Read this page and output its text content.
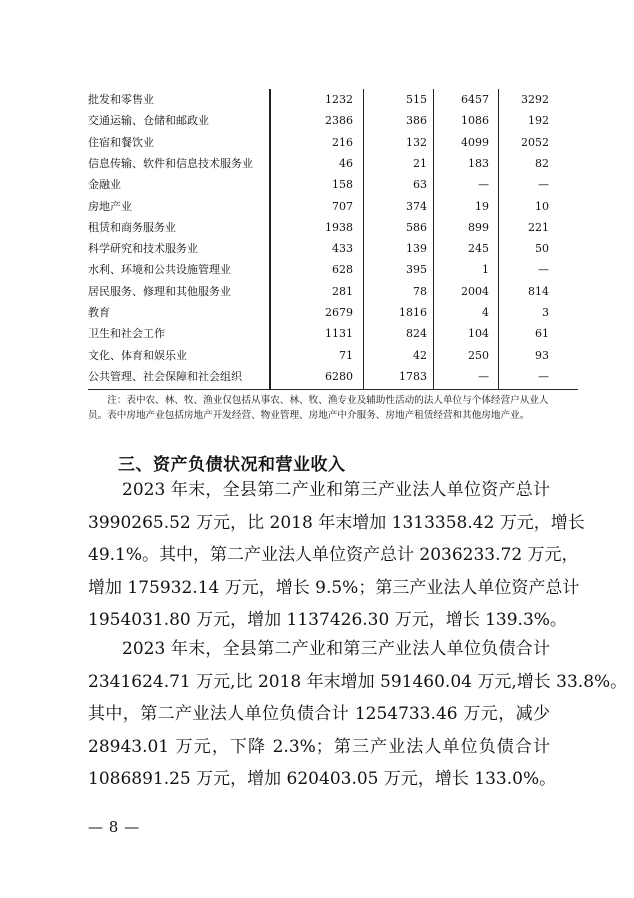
批发和零售业	1232	515	6457	3292
交通运输、仓储和邮政业	2386	386	1086	192
住宿和餐饮业	216	132	4099	2052
信息传输、软件和信息技术服务业	46	21	183	82
金融业	158	63	—	—
房地产业	707	374	19	10
租赁和商务服务业	1938	586	899	221
科学研究和技术服务业	433	139	245	50
水利、环境和公共设施管理业	628	395	1	—
居民服务、修理和其他服务业	281	78	2004	814
教育	2679	1816	4	3
卫生和社会工作	1131	824	104	61
文化、体育和娱乐业	71	42	250	93
公共管理、社会保障和社会组织	6280	1783	—	—
注：表中农、林、牧、渔业仅包括从事农、林、牧、渔专业及辅助性活动的法人单位与个体经营户从业人员。表中房地产业包括房地产开发经营、物业管理、房地产中介服务、房地产租赁经营和其他房地产业。
三、资产负债状况和营业收入
2023 年末，全县第二产业和第三产业法人单位资产总计
3990265.52 万元，比 2018 年末增加 1313358.42 万元，增长
49.1%。其中，第二产业法人单位资产总计 2036233.72 万元，
增加 175932.14 万元，增长 9.5%；第三产业法人单位资产总计
1954031.80 万元，增加 1137426.30 万元，增长 139.3%。
2023 年末，全县第二产业和第三产业法人单位负债合计
2341624.71 万元,比 2018 年末增加 591460.04 万元,增长 33.8%。
其中，第二产业法人单位负债合计 1254733.46 万元，减少
28943.01 万元，下降 2.3%；第三产业法人单位负债合计
1086891.25 万元，增加 620403.05 万元，增长 133.0%。
— 8 —
